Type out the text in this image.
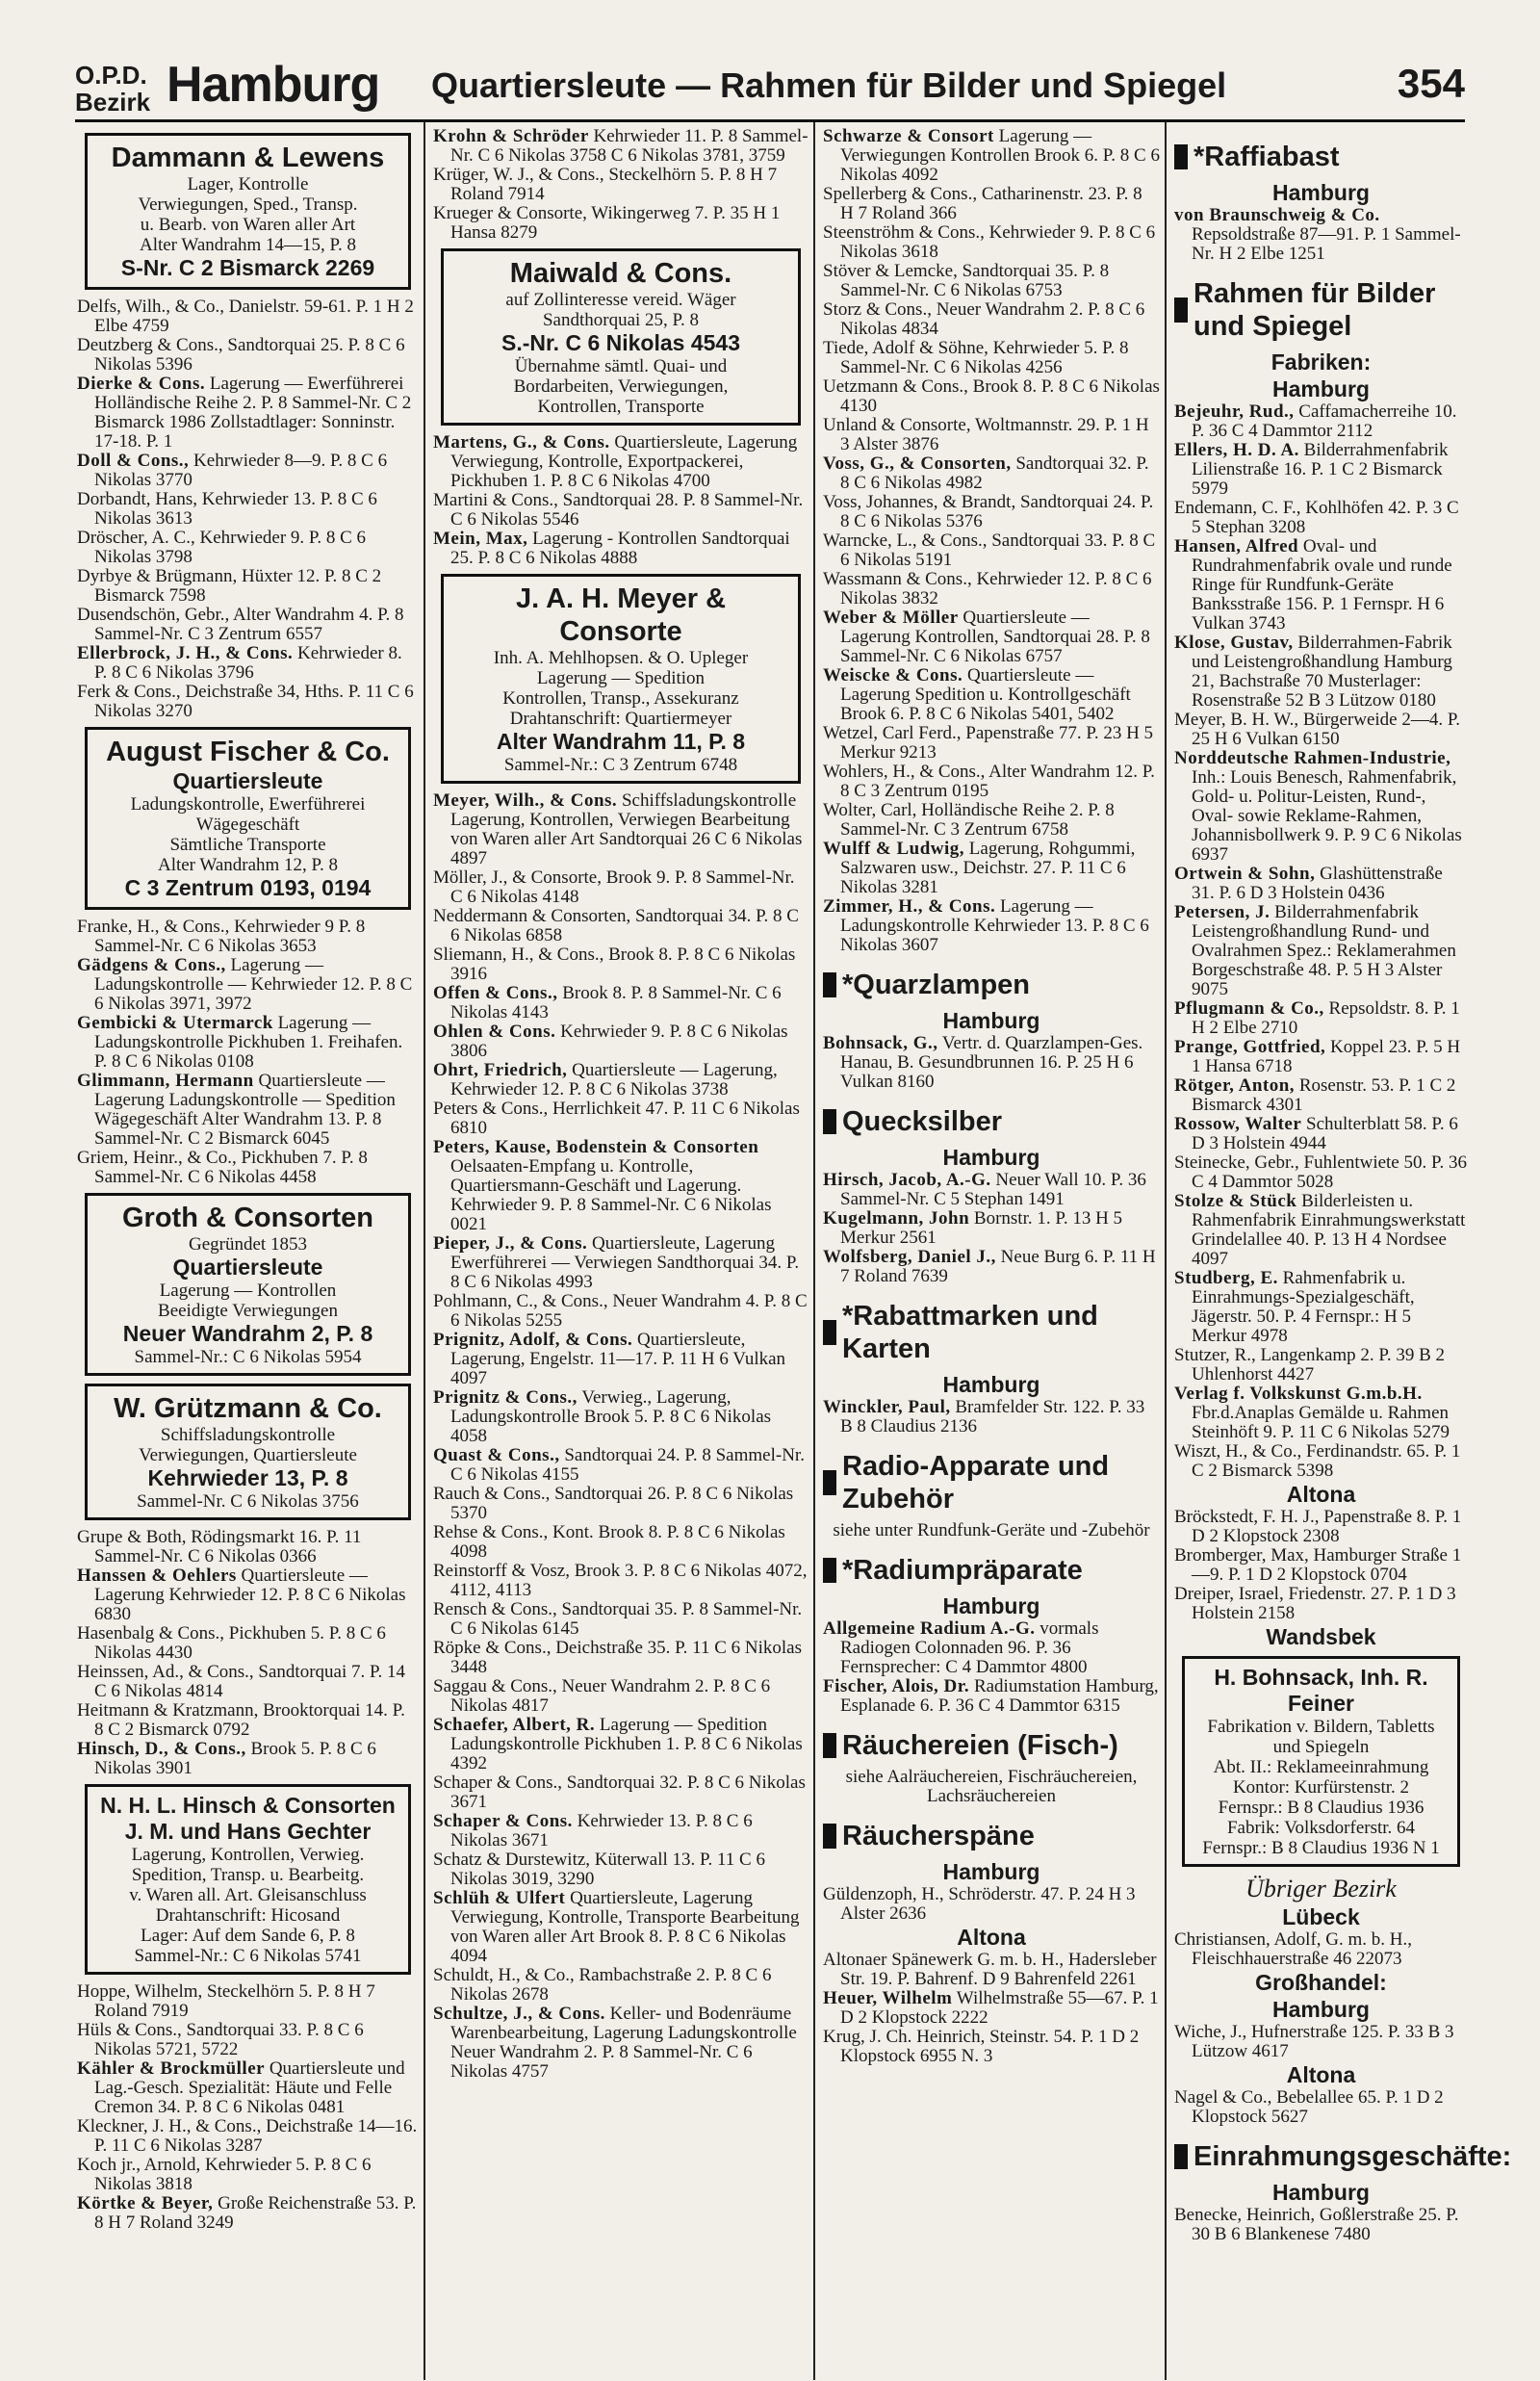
O.P.D.
Bezirk Hamburg Quartiersleute — Rahmen für Bilder und Spiegel	354

Dammann & Lewens

Lager, Kontrolle

Verwiegungen, Sped., Transp.

u. Bearb. von Waren aller Art

Alter Wandrahm 14—15, P. 8

S-Nr. C 2 Bismarck 2269

Delfs, Wilh., & Co., Danielstr. 59-61. P. 1 H 2 Elbe 4759

Deutzberg & Cons., Sandtorquai 25. P. 8 C 6 Nikolas 5396

Dierke & Cons. Lagerung — Ewerführerei Holländische Reihe 2. P. 8 Sammel-Nr. C 2 Bismarck 1986 Zollstadtlager: Sonninstr. 17-18. P. 1

Doll & Cons., Kehrwieder 8—9. P. 8 C 6 Nikolas 3770

Dorbandt, Hans, Kehrwieder 13. P. 8 C 6 Nikolas 3613

Dröscher, A. C., Kehrwieder 9. P. 8 C 6 Nikolas 3798

Dyrbye & Brügmann, Hüxter 12. P. 8 C 2 Bismarck 7598

Dusendschön, Gebr., Alter Wandrahm 4. P. 8 Sammel-Nr. C 3 Zentrum 6557

Ellerbrock, J. H., & Cons. Kehrwieder 8. P. 8 C 6 Nikolas 3796

Ferk & Cons., Deichstraße 34, Hths. P. 11 C 6 Nikolas 3270

August Fischer & Co.

Quartiersleute

Ladungskontrolle, Ewerführerei

Wägegeschäft

Sämtliche Transporte

Alter Wandrahm 12, P. 8

C 3 Zentrum 0193, 0194

Franke, H., & Cons., Kehrwieder 9 P. 8 Sammel-Nr. C 6 Nikolas 3653

Gädgens & Cons., Lagerung — Ladungskontrolle — Kehrwieder 12. P. 8 C 6 Nikolas 3971, 3972

Gembicki & Utermarck Lagerung — Ladungskontrolle Pickhuben 1. Freihafen. P. 8 C 6 Nikolas 0108

Glimmann, Hermann Quartiersleute — Lagerung Ladungskontrolle — Spedition Wägegeschäft Alter Wandrahm 13. P. 8 Sammel-Nr. C 2 Bismarck 6045

Griem, Heinr., & Co., Pickhuben 7. P. 8 Sammel-Nr. C 6 Nikolas 4458

Groth & Consorten

Gegründet 1853

Quartiersleute

Lagerung — Kontrollen

Beeidigte Verwiegungen

Neuer Wandrahm 2, P. 8

Sammel-Nr.: C 6 Nikolas 5954

W. Grützmann & Co.

Schiffsladungskontrolle

Verwiegungen, Quartiersleute

Kehrwieder 13, P. 8

Sammel-Nr. C 6 Nikolas 3756

Grupe & Both, Rödingsmarkt 16. P. 11 Sammel-Nr. C 6 Nikolas 0366

Hanssen & Oehlers Quartiersleute — Lagerung Kehrwieder 12. P. 8 C 6 Nikolas 6830

Hasenbalg & Cons., Pickhuben 5. P. 8 C 6 Nikolas 4430

Heinssen, Ad., & Cons., Sandtorquai 7. P. 14 C 6 Nikolas 4814

Heitmann & Kratzmann, Brooktorquai 14. P. 8 C 2 Bismarck 0792

Hinsch, D., & Cons., Brook 5. P. 8 C 6 Nikolas 3901

N. H. L. Hinsch & Consorten

J. M. und Hans Gechter

Lagerung, Kontrollen, Verwieg.

Spedition, Transp. u. Bearbeitg.

v. Waren all. Art. Gleisanschluss

Drahtanschrift: Hicosand

Lager: Auf dem Sande 6, P. 8

Sammel-Nr.: C 6 Nikolas 5741

Hoppe, Wilhelm, Steckelhörn 5. P. 8 H 7 Roland 7919

Hüls & Cons., Sandtorquai 33. P. 8 C 6 Nikolas 5721, 5722

Kähler & Brockmüller Quartiersleute und Lag.-Gesch. Spezialität: Häute und Felle Cremon 34. P. 8 C 6 Nikolas 0481

Kleckner, J. H., & Cons., Deichstraße 14—16. P. 11 C 6 Nikolas 3287

Koch jr., Arnold, Kehrwieder 5. P. 8 C 6 Nikolas 3818

Körtke & Beyer, Große Reichenstraße 53. P. 8 H 7 Roland 3249

Krohn & Schröder Kehrwieder 11. P. 8 Sammel-Nr. C 6 Nikolas 3758 C 6 Nikolas 3781, 3759

Krüger, W. J., & Cons., Steckelhörn 5. P. 8 H 7 Roland 7914

Krueger & Consorte, Wikingerweg 7. P. 35 H 1 Hansa 8279

Maiwald & Cons.

auf Zollinteresse vereid. Wäger

Sandthorquai 25, P. 8

S.-Nr. C 6 Nikolas 4543

Übernahme sämtl. Quai- und

Bordarbeiten, Verwiegungen,

Kontrollen, Transporte

Martens, G., & Cons. Quartiersleute, Lagerung Verwiegung, Kontrolle, Exportpackerei, Pickhuben 1. P. 8 C 6 Nikolas 4700

Martini & Cons., Sandtorquai 28. P. 8 Sammel-Nr. C 6 Nikolas 5546

Mein, Max, Lagerung - Kontrollen Sandtorquai 25. P. 8 C 6 Nikolas 4888

J. A. H. Meyer & Consorte

Inh. A. Mehlhopsen. & O. Upleger

Lagerung — Spedition

Kontrollen, Transp., Assekuranz

Drahtanschrift: Quartiermeyer

Alter Wandrahm 11, P. 8

Sammel-Nr.: C 3 Zentrum 6748

Meyer, Wilh., & Cons. Schiffsladungskontrolle Lagerung, Kontrollen, Verwiegen Bearbeitung von Waren aller Art Sandtorquai 26 C 6 Nikolas 4897

Möller, J., & Consorte, Brook 9. P. 8 Sammel-Nr. C 6 Nikolas 4148

Neddermann & Consorten, Sandtorquai 34. P. 8 C 6 Nikolas 6858

Sliemann, H., & Cons., Brook 8. P. 8 C 6 Nikolas 3916

Offen & Cons., Brook 8. P. 8 Sammel-Nr. C 6 Nikolas 4143

Ohlen & Cons. Kehrwieder 9. P. 8 C 6 Nikolas 3806

Ohrt, Friedrich, Quartiersleute — Lagerung, Kehrwieder 12. P. 8 C 6 Nikolas 3738

Peters & Cons., Herrlichkeit 47. P. 11 C 6 Nikolas 6810

Peters, Kause, Bodenstein & Consorten Oelsaaten-Empfang u. Kontrolle, Quartiersmann-Geschäft und Lagerung. Kehrwieder 9. P. 8 Sammel-Nr. C 6 Nikolas 0021

Pieper, J., & Cons. Quartiersleute, Lagerung Ewerführerei — Verwiegen Sandthorquai 34. P. 8 C 6 Nikolas 4993

Pohlmann, C., & Cons., Neuer Wandrahm 4. P. 8 C 6 Nikolas 5255

Prignitz, Adolf, & Cons. Quartiersleute, Lagerung, Engelstr. 11—17. P. 11 H 6 Vulkan 4097

Prignitz & Cons., Verwieg., Lagerung, Ladungskontrolle Brook 5. P. 8 C 6 Nikolas 4058

Quast & Cons., Sandtorquai 24. P. 8 Sammel-Nr. C 6 Nikolas 4155

Rauch & Cons., Sandtorquai 26. P. 8 C 6 Nikolas 5370

Rehse & Cons., Kont. Brook 8. P. 8 C 6 Nikolas 4098

Reinstorff & Vosz, Brook 3. P. 8 C 6 Nikolas 4072, 4112, 4113

Rensch & Cons., Sandtorquai 35. P. 8 Sammel-Nr. C 6 Nikolas 6145

Röpke & Cons., Deichstraße 35. P. 11 C 6 Nikolas 3448

Saggau & Cons., Neuer Wandrahm 2. P. 8 C 6 Nikolas 4817

Schaefer, Albert, R. Lagerung — Spedition Ladungskontrolle Pickhuben 1. P. 8 C 6 Nikolas 4392

Schaper & Cons., Sandtorquai 32. P. 8 C 6 Nikolas 3671

Schaper & Cons. Kehrwieder 13. P. 8 C 6 Nikolas 3671

Schatz & Durstewitz, Küterwall 13. P. 11 C 6 Nikolas 3019, 3290

Schlüh & Ulfert Quartiersleute, Lagerung Verwiegung, Kontrolle, Transporte Bearbeitung von Waren aller Art Brook 8. P. 8 C 6 Nikolas 4094

Schuldt, H., & Co., Rambachstraße 2. P. 8 C 6 Nikolas 2678

Schultze, J., & Cons. Keller- und Bodenräume Warenbearbeitung, Lagerung Ladungskontrolle Neuer Wandrahm 2. P. 8 Sammel-Nr. C 6 Nikolas 4757

Schwarze & Consort Lagerung — Verwiegungen Kontrollen Brook 6. P. 8 C 6 Nikolas 4092

Spellerberg & Cons., Catharinenstr. 23. P. 8 H 7 Roland 366

Steenströhm & Cons., Kehrwieder 9. P. 8 C 6 Nikolas 3618

Stöver & Lemcke, Sandtorquai 35. P. 8 Sammel-Nr. C 6 Nikolas 6753

Storz & Cons., Neuer Wandrahm 2. P. 8 C 6 Nikolas 4834

Tiede, Adolf & Söhne, Kehrwieder 5. P. 8 Sammel-Nr. C 6 Nikolas 4256

Uetzmann & Cons., Brook 8. P. 8 C 6 Nikolas 4130

Unland & Consorte, Woltmannstr. 29. P. 1 H 3 Alster 3876

Voss, G., & Consorten, Sandtorquai 32. P. 8 C 6 Nikolas 4982

Voss, Johannes, & Brandt, Sandtorquai 24. P. 8 C 6 Nikolas 5376

Warncke, L., & Cons., Sandtorquai 33. P. 8 C 6 Nikolas 5191

Wassmann & Cons., Kehrwieder 12. P. 8 C 6 Nikolas 3832

Weber & Möller Quartiersleute — Lagerung Kontrollen, Sandtorquai 28. P. 8 Sammel-Nr. C 6 Nikolas 6757

Weiscke & Cons. Quartiersleute — Lagerung Spedition u. Kontrollgeschäft Brook 6. P. 8 C 6 Nikolas 5401, 5402

Wetzel, Carl Ferd., Papenstraße 77. P. 23 H 5 Merkur 9213

Wohlers, H., & Cons., Alter Wandrahm 12. P. 8 C 3 Zentrum 0195

Wolter, Carl, Holländische Reihe 2. P. 8 Sammel-Nr. C 3 Zentrum 6758

Wulff & Ludwig, Lagerung, Rohgummi, Salzwaren usw., Deichstr. 27. P. 11 C 6 Nikolas 3281

Zimmer, H., & Cons. Lagerung — Ladungskontrolle Kehrwieder 13. P. 8 C 6 Nikolas 3607

*Quarzlampen

Hamburg

Bohnsack, G., Vertr. d. Quarzlampen-Ges. Hanau, B. Gesundbrunnen 16. P. 25 H 6 Vulkan 8160

Quecksilber

Hamburg

Hirsch, Jacob, A.-G. Neuer Wall 10. P. 36 Sammel-Nr. C 5 Stephan 1491

Kugelmann, John Bornstr. 1. P. 13 H 5 Merkur 2561

Wolfsberg, Daniel J., Neue Burg 6. P. 11 H 7 Roland 7639

*Rabattmarken und Karten

Hamburg

Winckler, Paul, Bramfelder Str. 122. P. 33 B 8 Claudius 2136

Radio-Apparate und Zubehör

siehe unter Rundfunk-Geräte und -Zubehör

*Radiumpräparate

Hamburg

Allgemeine Radium A.-G. vormals Radiogen Colonnaden 96. P. 36 Fernsprecher: C 4 Dammtor 4800

Fischer, Alois, Dr. Radiumstation Hamburg, Esplanade 6. P. 36 C 4 Dammtor 6315

Räuchereien (Fisch-)

siehe Aalräuchereien, Fischräuchereien, Lachsräuchereien

Räucherspäne

Hamburg

Güldenzoph, H., Schröderstr. 47. P. 24 H 3 Alster 2636

Altona

Altonaer Spänewerk G. m. b. H., Hadersleber Str. 19. P. Bahrenf. D 9 Bahrenfeld 2261

Heuer, Wilhelm Wilhelmstraße 55—67. P. 1 D 2 Klopstock 2222

Krug, J. Ch. Heinrich, Steinstr. 54. P. 1 D 2 Klopstock 6955 N. 3

*Raffiabast

Hamburg

von Braunschweig & Co. Repsoldstraße 87—91. P. 1 Sammel-Nr. H 2 Elbe 1251

Rahmen für Bilder und Spiegel

Fabriken:

Hamburg

Bejeuhr, Rud., Caffamacherreihe 10. P. 36 C 4 Dammtor 2112

Ellers, H. D. A. Bilderrahmenfabrik Lilienstraße 16. P. 1 C 2 Bismarck 5979

Endemann, C. F., Kohlhöfen 42. P. 3 C 5 Stephan 3208

Hansen, Alfred Oval- und Rundrahmenfabrik ovale und runde Ringe für Rundfunk-Geräte Banksstraße 156. P. 1 Fernspr. H 6 Vulkan 3743

Klose, Gustav, Bilderrahmen-Fabrik und Leistengroßhandlung Hamburg 21, Bachstraße 70 Musterlager: Rosenstraße 52 B 3 Lützow 0180

Meyer, B. H. W., Bürgerweide 2—4. P. 25 H 6 Vulkan 6150

Norddeutsche Rahmen-Industrie, Inh.: Louis Benesch, Rahmenfabrik, Gold- u. Politur-Leisten, Rund-, Oval- sowie Reklame-Rahmen, Johannisbollwerk 9. P. 9 C 6 Nikolas 6937

Ortwein & Sohn, Glashüttenstraße 31. P. 6 D 3 Holstein 0436

Petersen, J. Bilderrahmenfabrik Leistengroßhandlung Rund- und Ovalrahmen Spez.: Reklamerahmen Borgeschstraße 48. P. 5 H 3 Alster 9075

Pflugmann & Co., Repsoldstr. 8. P. 1 H 2 Elbe 2710

Prange, Gottfried, Koppel 23. P. 5 H 1 Hansa 6718

Rötger, Anton, Rosenstr. 53. P. 1 C 2 Bismarck 4301

Rossow, Walter Schulterblatt 58. P. 6 D 3 Holstein 4944

Steinecke, Gebr., Fuhlentwiete 50. P. 36 C 4 Dammtor 5028

Stolze & Stück Bilderleisten u. Rahmenfabrik Einrahmungswerkstatt Grindelallee 40. P. 13 H 4 Nordsee 4097

Studberg, E. Rahmenfabrik u. Einrahmungs-Spezialgeschäft, Jägerstr. 50. P. 4 Fernspr.: H 5 Merkur 4978

Stutzer, R., Langenkamp 2. P. 39 B 2 Uhlenhorst 4427

Verlag f. Volkskunst G.m.b.H. Fbr.d.Anaplas Gemälde u. Rahmen Steinhöft 9. P. 11 C 6 Nikolas 5279

Wiszt, H., & Co., Ferdinandstr. 65. P. 1 C 2 Bismarck 5398

Altona

Bröckstedt, F. H. J., Papenstraße 8. P. 1 D 2 Klopstock 2308

Bromberger, Max, Hamburger Straße 1—9. P. 1 D 2 Klopstock 0704

Dreiper, Israel, Friedenstr. 27. P. 1 D 3 Holstein 2158

Wandsbek

H. Bohnsack, Inh. R. Feiner

Fabrikation v. Bildern, Tabletts

und Spiegeln

Abt. II.: Reklameeinrahmung

Kontor: Kurfürstenstr. 2

Fernspr.: B 8 Claudius 1936

Fabrik: Volksdorferstr. 64

Fernspr.: B 8 Claudius 1936 N 1

Übriger Bezirk

Lübeck

Christiansen, Adolf, G. m. b. H., Fleischhauerstraße 46 22073

Großhandel:

Hamburg

Wiche, J., Hufnerstraße 125. P. 33 B 3 Lützow 4617

Altona

Nagel & Co., Bebelallee 65. P. 1 D 2 Klopstock 5627

Einrahmungsgeschäfte:

Hamburg

Benecke, Heinrich, Goßlerstraße 25. P. 30 B 6 Blankenese 7480
